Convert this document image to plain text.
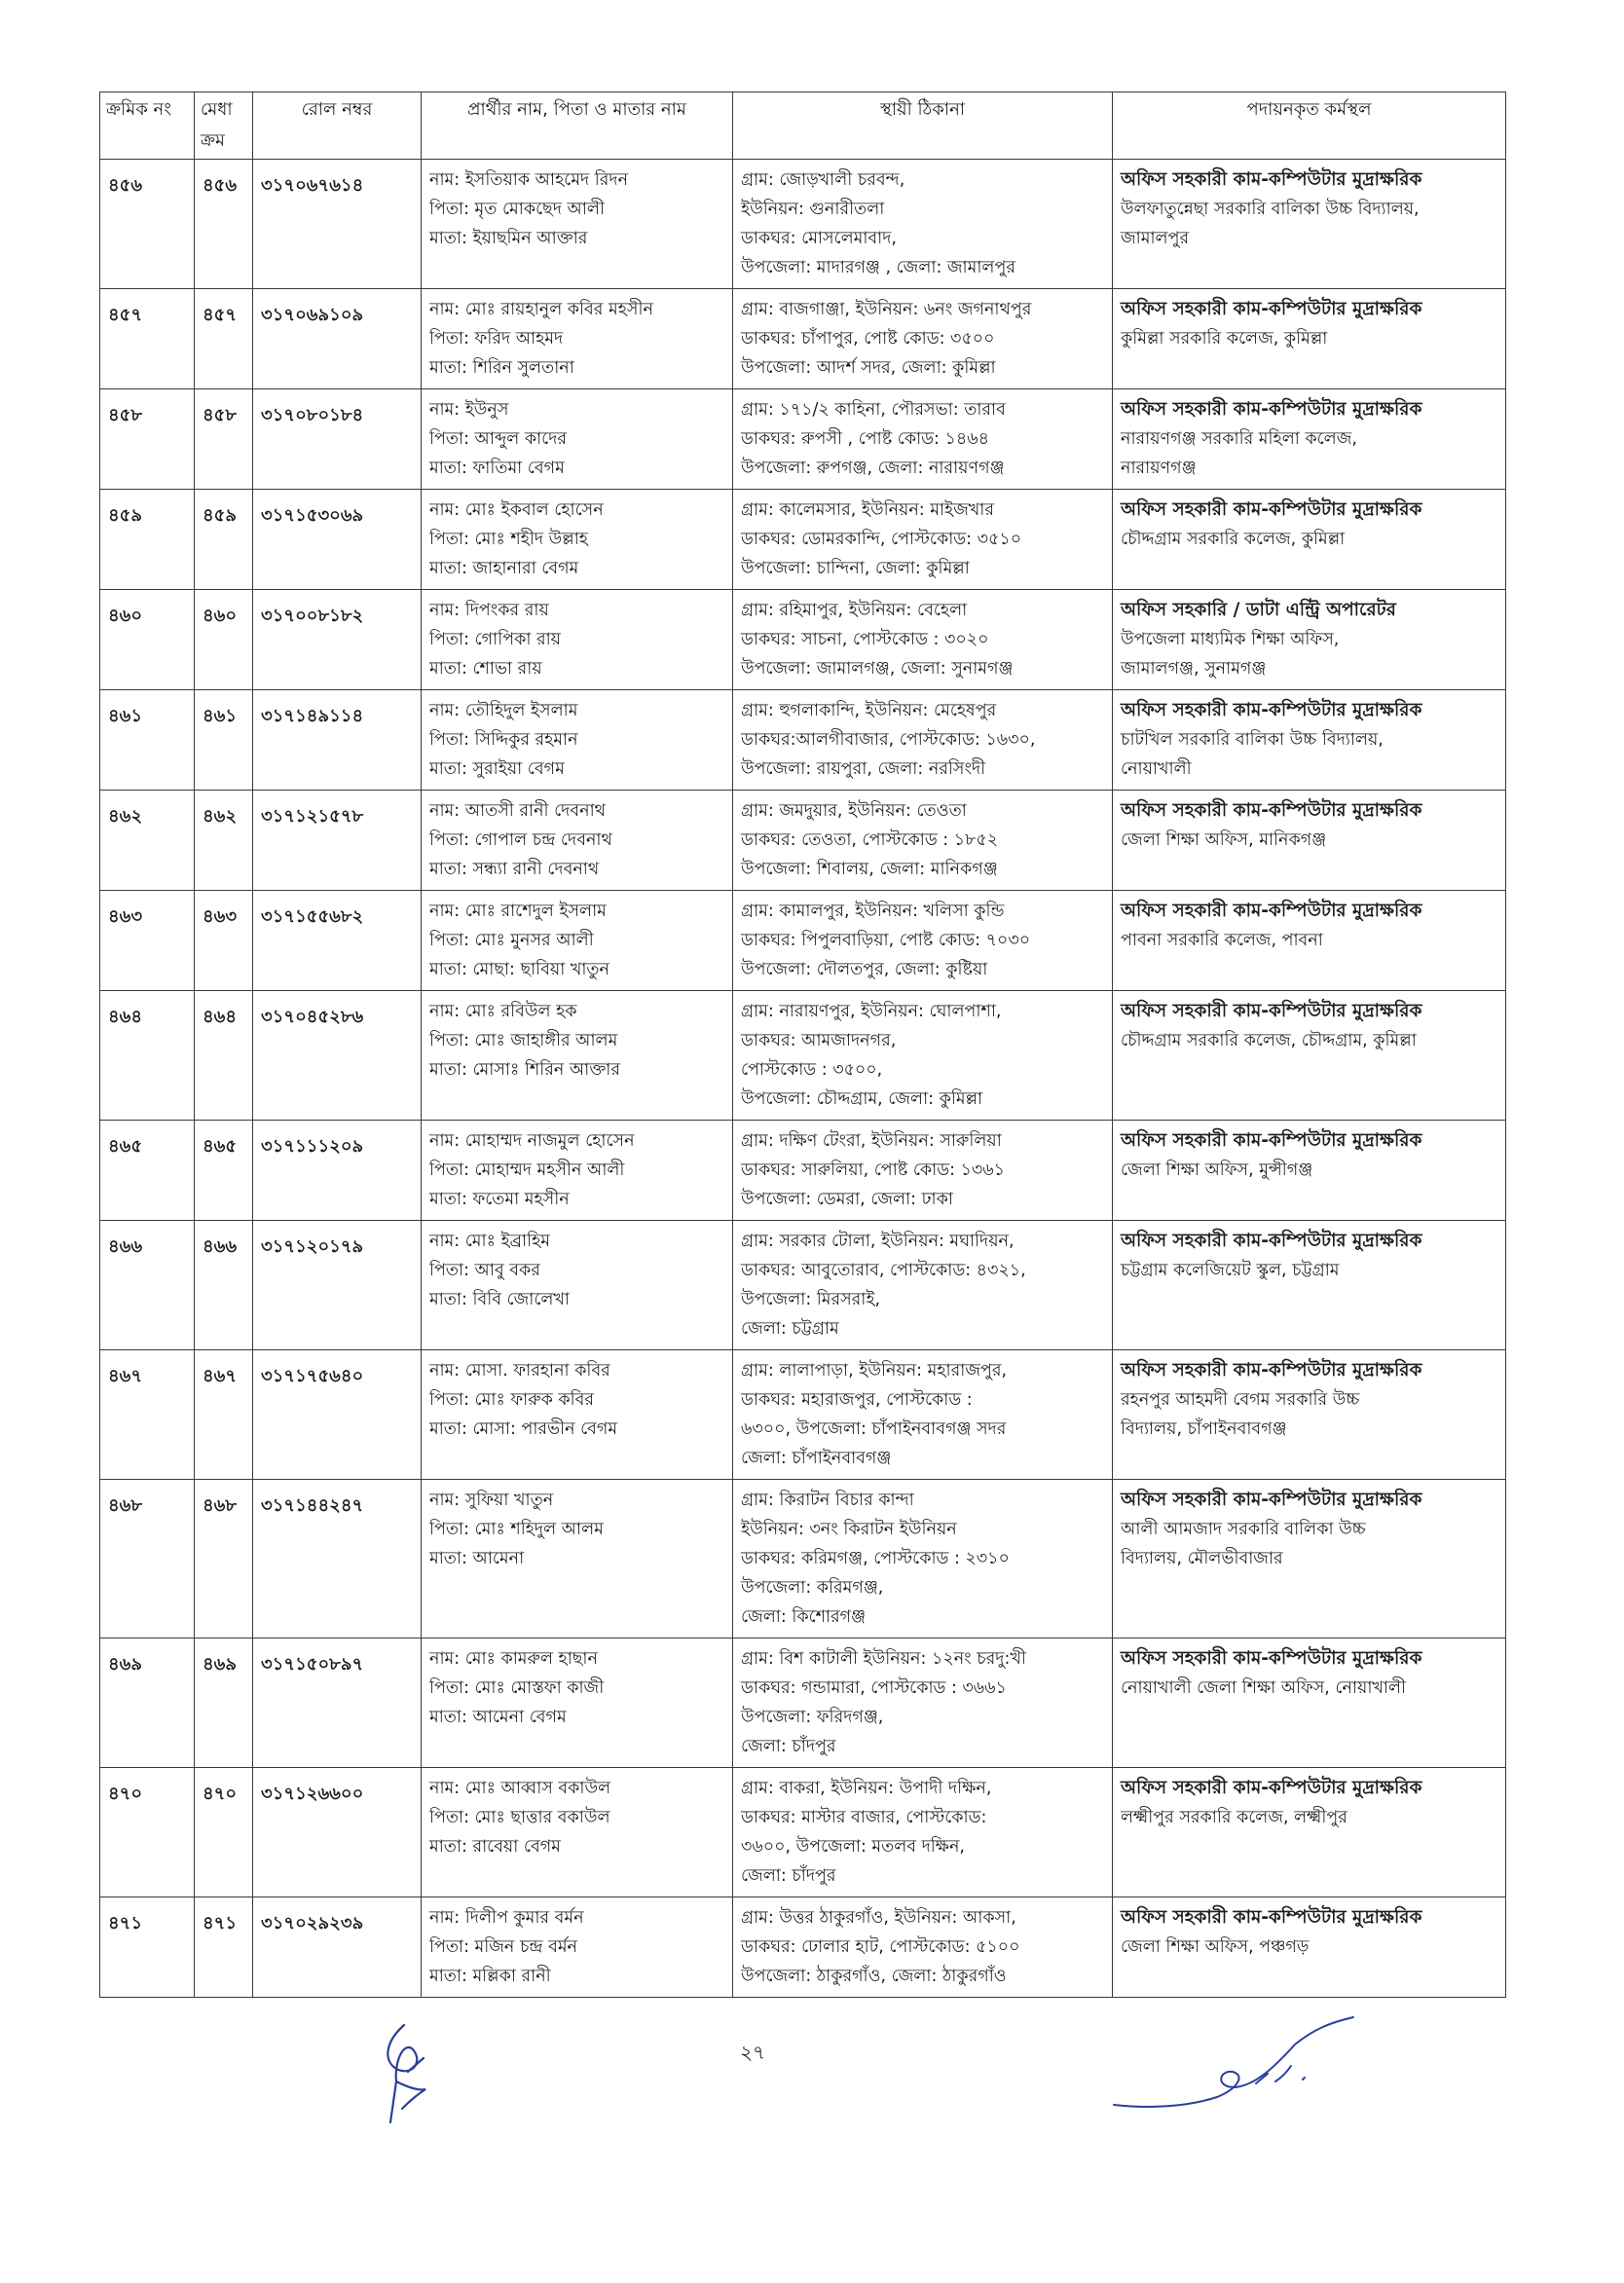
ক্রমিক নং	মেধা ক্রম	রোল নম্বর	প্রার্থীর নাম, পিতা ও মাতার নাম	স্থায়ী ঠিকানা	পদায়নকৃত কর্মস্থল
৪৫৬	৪৫৬	৩১৭০৬৭৬১৪	নাম: ইসতিয়াক আহমেদ রিদন
পিতা: মৃত মোকছেদ আলী
মাতা: ইয়াছমিন আক্তার	গ্রাম: জোড়খালী চরবন্দ,
ইউনিয়ন: গুনারীতলা
ডাকঘর: মোসলেমাবাদ,
উপজেলা: মাদারগঞ্জ , জেলা: জামালপুর	অফিস সহকারী কাম-কম্পিউটার মুদ্রাক্ষরিক
উলফাতুন্নেছা সরকারি বালিকা উচ্চ বিদ্যালয়,
জামালপুর

৪৫৭	৪৫৭	৩১৭০৬৯১০৯	নাম: মোঃ রায়হানুল কবির মহসীন
পিতা: ফরিদ আহমদ
মাতা: শিরিন সুলতানা	গ্রাম: বাজগাঞ্জা, ইউনিয়ন: ৬নং জগনাথপুর
ডাকঘর: চাঁপাপুর, পোষ্ট কোড: ৩৫০০
উপজেলা: আদর্শ সদর, জেলা: কুমিল্লা	অফিস সহকারী কাম-কম্পিউটার মুদ্রাক্ষরিক
কুমিল্লা সরকারি কলেজ, কুমিল্লা

৪৫৮	৪৫৮	৩১৭০৮০১৮৪	নাম: ইউনুস
পিতা: আব্দুল কাদের
মাতা: ফাতিমা বেগম	গ্রাম: ১৭১/২ কাহিনা, পৌরসভা: তারাব
ডাকঘর: রুপসী , পোষ্ট কোড: ১৪৬৪
উপজেলা: রুপগঞ্জ, জেলা: নারায়ণগঞ্জ	অফিস সহকারী কাম-কম্পিউটার মুদ্রাক্ষরিক
নারায়ণগঞ্জ সরকারি মহিলা কলেজ,
নারায়ণগঞ্জ

৪৫৯	৪৫৯	৩১৭১৫৩০৬৯	নাম: মোঃ ইকবাল হোসেন
পিতা: মোঃ শহীদ উল্লাহ
মাতা: জাহানারা বেগম	গ্রাম: কালেমসার, ইউনিয়ন: মাইজখার
ডাকঘর: ডোমরকান্দি, পোস্টকোড: ৩৫১০
উপজেলা: চান্দিনা, জেলা: কুমিল্লা	অফিস সহকারী কাম-কম্পিউটার মুদ্রাক্ষরিক
চৌদ্দগ্রাম সরকারি কলেজ, কুমিল্লা

৪৬০	৪৬০	৩১৭০০৮১৮২	নাম: দিপংকর রায়
পিতা: গোপিকা রায়
মাতা: শোভা রায়	গ্রাম: রহিমাপুর, ইউনিয়ন: বেহেলা
ডাকঘর: সাচনা, পোস্টকোড : ৩০২০
উপজেলা: জামালগঞ্জ, জেলা: সুনামগঞ্জ	অফিস সহকারি / ডাটা এন্ট্রি অপারেটর
উপজেলা মাধ্যমিক শিক্ষা অফিস,
জামালগঞ্জ, সুনামগঞ্জ

৪৬১	৪৬১	৩১৭১৪৯১১৪	নাম: তৌহিদুল ইসলাম
পিতা: সিদ্দিকুর রহমান
মাতা: সুরাইয়া বেগম	গ্রাম: হুগলাকান্দি, ইউনিয়ন: মেহেষপুর
ডাকঘর:আলগীবাজার, পোস্টকোড: ১৬৩০,
উপজেলা: রায়পুরা, জেলা: নরসিংদী	অফিস সহকারী কাম-কম্পিউটার মুদ্রাক্ষরিক
চাটখিল সরকারি বালিকা উচ্চ বিদ্যালয়,
নোয়াখালী

৪৬২	৪৬২	৩১৭১২১৫৭৮	নাম: আতসী রানী দেবনাথ
পিতা: গোপাল চন্দ্র দেবনাথ
মাতা: সন্ধ্যা রানী দেবনাথ	গ্রাম: জমদুয়ার, ইউনিয়ন: তেওতা
ডাকঘর: তেওতা, পোস্টকোড : ১৮৫২
উপজেলা: শিবালয়, জেলা: মানিকগঞ্জ	অফিস সহকারী কাম-কম্পিউটার মুদ্রাক্ষরিক
জেলা শিক্ষা অফিস, মানিকগঞ্জ

৪৬৩	৪৬৩	৩১৭১৫৫৬৮২	নাম: মোঃ রাশেদুল ইসলাম
পিতা: মোঃ মুনসর আলী
মাতা: মোছা: ছাবিয়া খাতুন	গ্রাম: কামালপুর, ইউনিয়ন: খলিসা কুন্ডি
ডাকঘর: পিপুলবাড়িয়া, পোষ্ট কোড: ৭০৩০
উপজেলা: দৌলতপুর, জেলা: কুষ্টিয়া	অফিস সহকারী কাম-কম্পিউটার মুদ্রাক্ষরিক
পাবনা সরকারি কলেজ, পাবনা

৪৬৪	৪৬৪	৩১৭০৪৫২৮৬	নাম: মোঃ রবিউল হক
পিতা: মোঃ জাহাঙ্গীর আলম
মাতা: মোসাঃ শিরিন আক্তার	গ্রাম: নারায়ণপুর, ইউনিয়ন: ঘোলপাশা,
ডাকঘর: আমজাদনগর,
পোস্টকোড : ৩৫০০,
উপজেলা: চৌদ্দগ্রাম, জেলা: কুমিল্লা	অফিস সহকারী কাম-কম্পিউটার মুদ্রাক্ষরিক
চৌদ্দগ্রাম সরকারি কলেজ, চৌদ্দগ্রাম, কুমিল্লা

৪৬৫	৪৬৫	৩১৭১১১২০৯	নাম: মোহাম্মদ নাজমুল হোসেন
পিতা: মোহাম্মদ মহসীন আলী
মাতা: ফতেমা মহসীন	গ্রাম: দক্ষিণ টেংরা, ইউনিয়ন: সারুলিয়া
ডাকঘর: সারুলিয়া, পোষ্ট কোড: ১৩৬১
উপজেলা: ডেমরা, জেলা: ঢাকা	অফিস সহকারী কাম-কম্পিউটার মুদ্রাক্ষরিক
জেলা শিক্ষা অফিস, মুন্সীগঞ্জ

৪৬৬	৪৬৬	৩১৭১২০১৭৯	নাম: মোঃ ইব্রাহিম
পিতা: আবু বকর
মাতা: বিবি জোলেখা	গ্রাম: সরকার টোলা, ইউনিয়ন: মঘাদিয়ন,
ডাকঘর: আবুতোরাব, পোস্টকোড: ৪৩২১,
উপজেলা: মিরসরাই,
জেলা: চট্টগ্রাম	অফিস সহকারী কাম-কম্পিউটার মুদ্রাক্ষরিক
চট্টগ্রাম কলেজিয়েট স্কুল, চট্টগ্রাম

৪৬৭	৪৬৭	৩১৭১৭৫৬৪০	নাম: মোসা. ফারহানা কবির
পিতা: মোঃ ফারুক কবির
মাতা: মোসা: পারভীন বেগম	গ্রাম: লালাপাড়া, ইউনিয়ন: মহারাজপুর,
ডাকঘর: মহারাজপুর, পোস্টকোড :
৬৩০০, উপজেলা: চাঁপাইনবাবগঞ্জ সদর
জেলা: চাঁপাইনবাবগঞ্জ	অফিস সহকারী কাম-কম্পিউটার মুদ্রাক্ষরিক
রহনপুর আহমদী বেগম সরকারি উচ্চ
বিদ্যালয়, চাঁপাইনবাবগঞ্জ

৪৬৮	৪৬৮	৩১৭১৪৪২৪৭	নাম: সুফিয়া খাতুন
পিতা: মোঃ শহিদুল আলম
মাতা: আমেনা	গ্রাম: কিরাটন বিচার কান্দা
ইউনিয়ন: ৩নং কিরাটন ইউনিয়ন
ডাকঘর: করিমগঞ্জ, পোস্টকোড : ২৩১০
উপজেলা: করিমগঞ্জ,
জেলা: কিশোরগঞ্জ	অফিস সহকারী কাম-কম্পিউটার মুদ্রাক্ষরিক
আলী আমজাদ সরকারি বালিকা উচ্চ
বিদ্যালয়, মৌলভীবাজার

৪৬৯	৪৬৯	৩১৭১৫০৮৯৭	নাম: মোঃ কামরুল হাছান
পিতা: মোঃ মোস্তফা কাজী
মাতা: আমেনা বেগম	গ্রাম: বিশ কাটালী ইউনিয়ন: ১২নং চরদু:খী
ডাকঘর: গন্ডামারা, পোস্টকোড : ৩৬৬১
উপজেলা: ফরিদগঞ্জ,
জেলা: চাঁদপুর	অফিস সহকারী কাম-কম্পিউটার মুদ্রাক্ষরিক
নোয়াখালী জেলা শিক্ষা অফিস, নোয়াখালী

৪৭০	৪৭০	৩১৭১২৬৬০০	নাম: মোঃ আব্বাস বকাউল
পিতা: মোঃ ছাত্তার বকাউল
মাতা: রাবেয়া বেগম	গ্রাম: বাকরা, ইউনিয়ন: উপাদী দক্ষিন,
ডাকঘর: মাস্টার বাজার, পোস্টকোড:
৩৬০০, উপজেলা: মতলব দক্ষিন,
জেলা: চাঁদপুর	অফিস সহকারী কাম-কম্পিউটার মুদ্রাক্ষরিক
লক্ষ্মীপুর সরকারি কলেজ, লক্ষ্মীপুর

৪৭১	৪৭১	৩১৭০২৯২৩৯	নাম: দিলীপ কুমার বর্মন
পিতা: মজিন চন্দ্র বর্মন
মাতা: মল্লিকা রানী	গ্রাম: উত্তর ঠাকুরগাঁও, ইউনিয়ন: আকসা,
ডাকঘর: ঢোলার হাট, পোস্টকোড: ৫১০০
উপজেলা: ঠাকুরগাঁও, জেলা: ঠাকুরগাঁও	অফিস সহকারী কাম-কম্পিউটার মুদ্রাক্ষরিক
জেলা শিক্ষা অফিস, পঞ্চগড়
২৭
